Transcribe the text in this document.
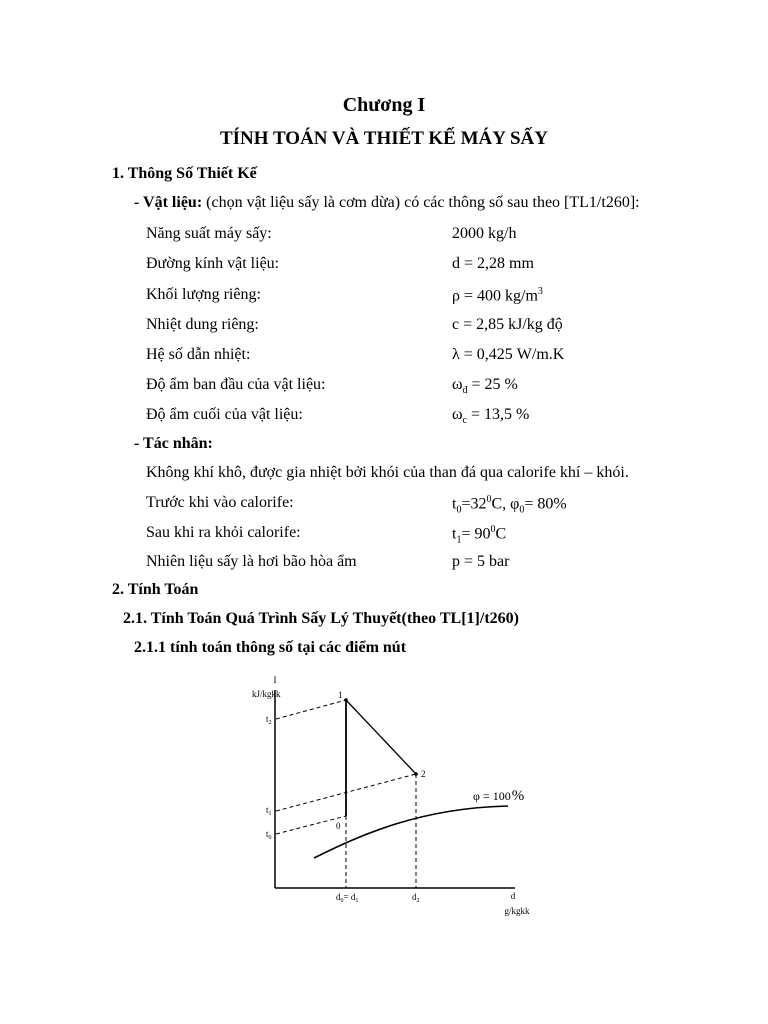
Chương I
TÍNH TOÁN VÀ THIẾT KẾ MÁY SẤY
1. Thông Số Thiết Kế
- Vật liệu: (chọn vật liệu sấy là cơm dừa) có các thông số sau theo [TL1/t260]:
Năng suất máy sấy:	2000 kg/h
Đường kính vật liệu:	d = 2,28 mm
Khối lượng riêng:	ρ = 400 $kg/m^3$
Nhiệt dung riêng:	c = 2,85 kJ/kg độ
Hệ số dẫn nhiệt:	λ = 0,425 W/m.K
Độ ẩm ban đầu của vật liệu:	$\omega_đ = 25$ %
Độ ẩm cuối của vật liệu:	$\omega_c = 13,5$ %
- Tác nhân:
Không khí khô, được gia nhiệt bởi khói của than đá qua calorife khí – khói.
Trước khi vào calorife:	$t_0=32^0C$, $\varphi_0= 80\%$
Sau khi ra khỏi calorife:	$t_1= 90^0C$
Nhiên liệu sấy là hơi bão hòa ẩm	p = 5 bar
2. Tính Toán
2.1. Tính Toán Quá Trình Sấy Lý Thuyết(theo TL[1]/t260)
2.1.1 tính toán thông số tại các điểm nút
I
kJ/kgkk
d
g/kgkk
$t_2$
$t_1$
$t_0$
$d_0= d_1$	$d_2$
1
2
0
φ = 100%
